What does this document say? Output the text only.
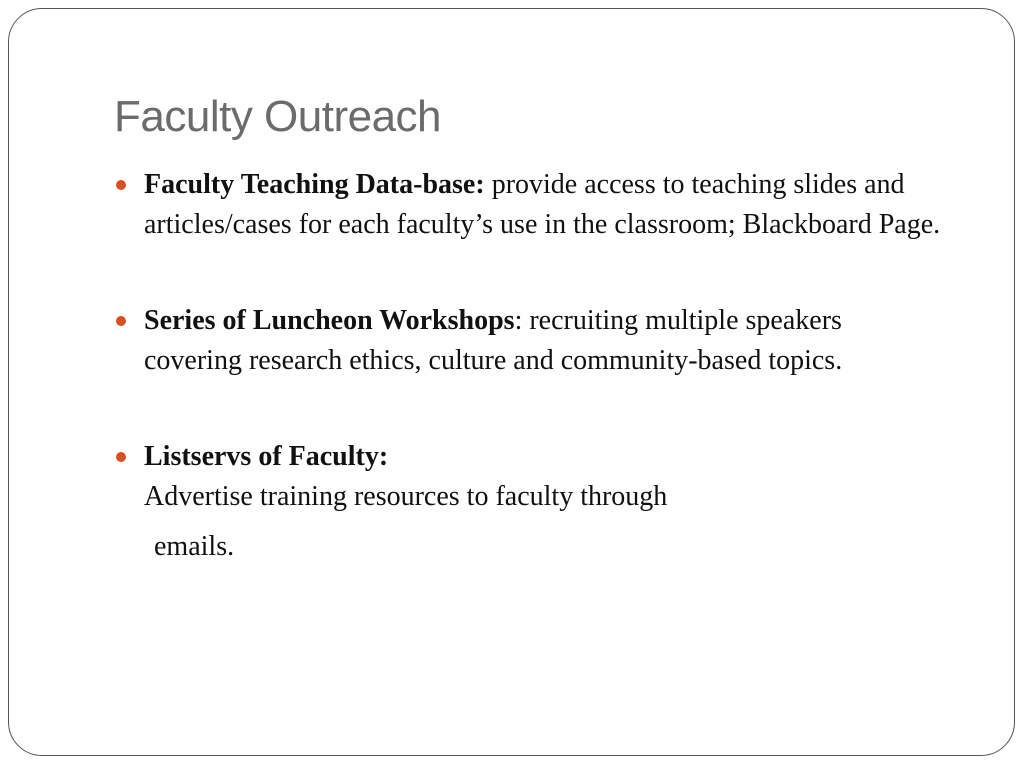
Faculty Outreach
Faculty Teaching Data-base: provide access to teaching slides and articles/cases for each faculty’s use in the classroom; Blackboard Page.
Series of Luncheon Workshops: recruiting multiple speakers covering research ethics, culture and community-based topics.
Listservs of Faculty:
Advertise training resources to faculty through
emails.
